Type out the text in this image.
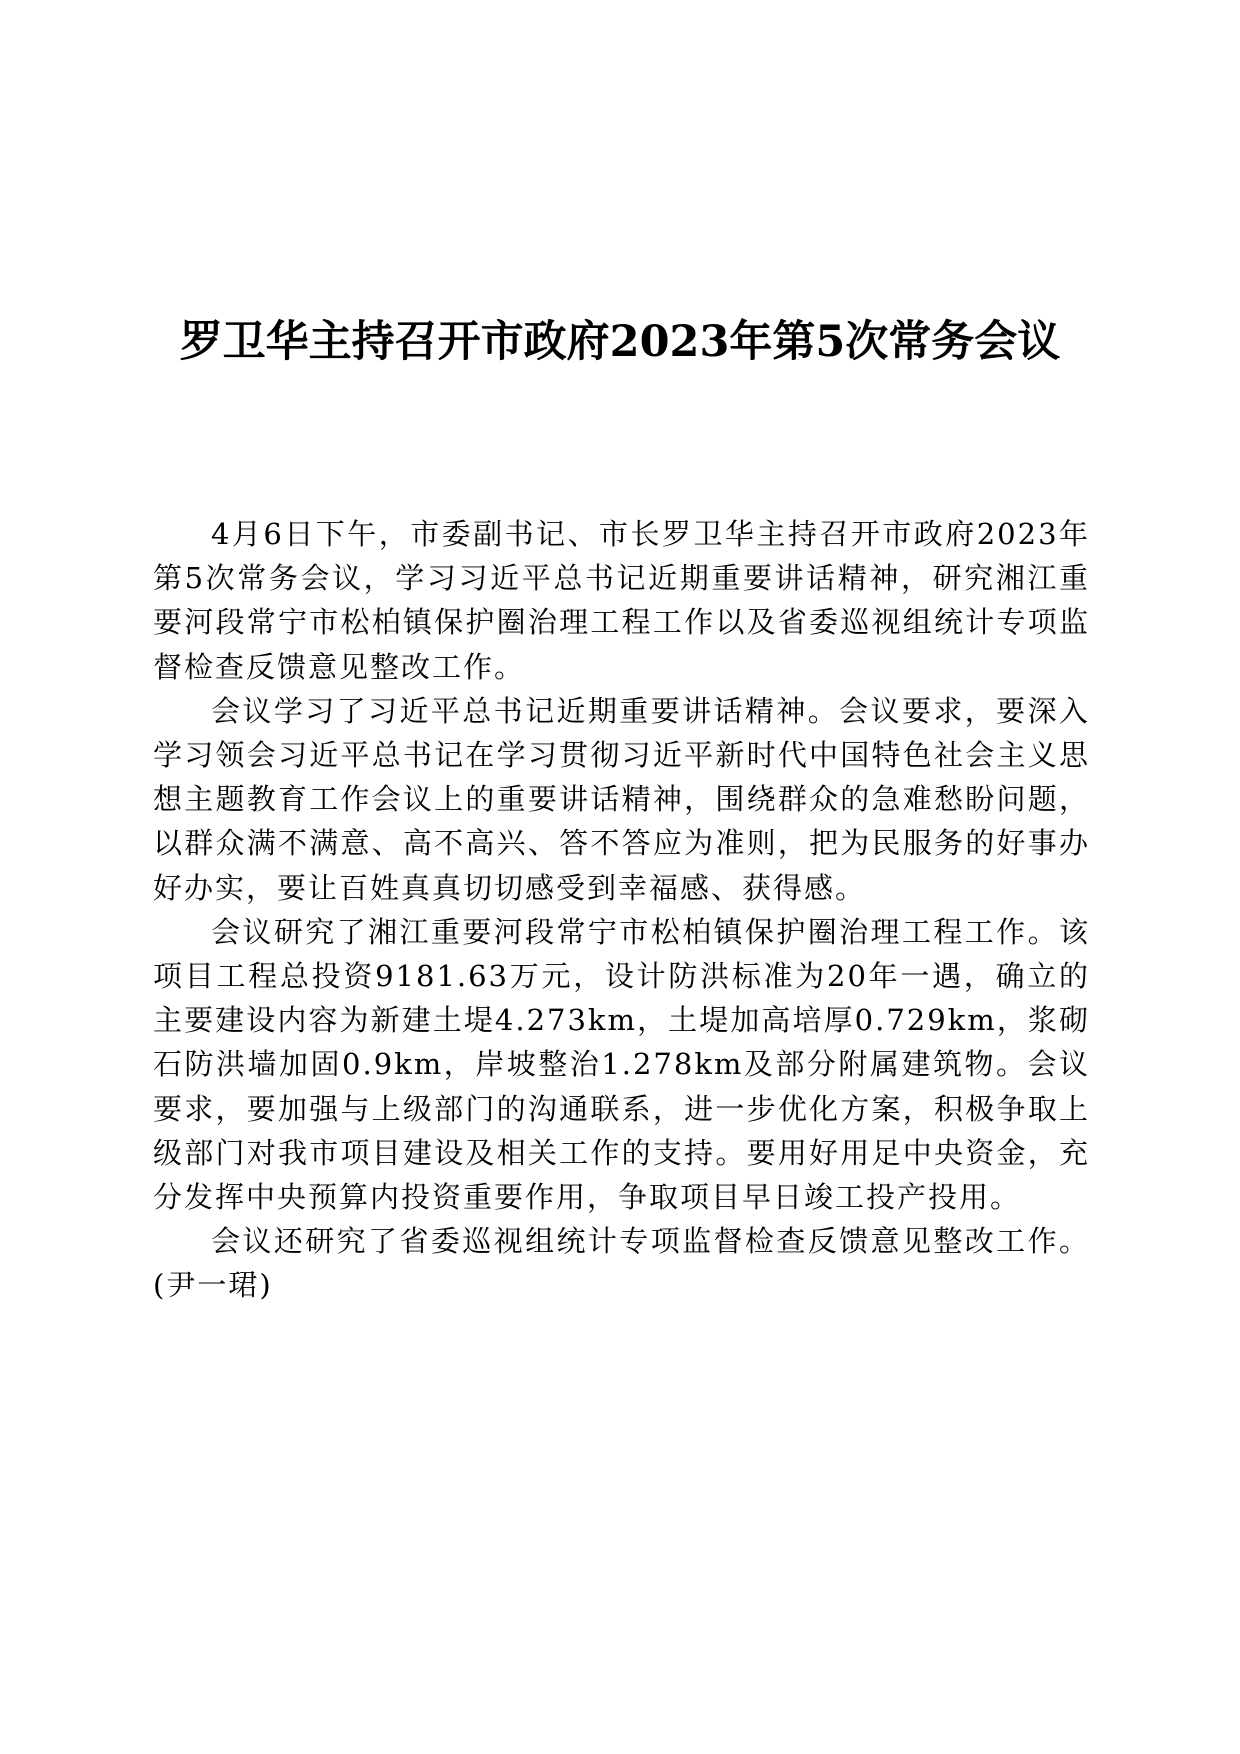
罗卫华主持召开市政府2023年第5次常务会议

4月6日下午，市委副书记、市长罗卫华主持召开市政府2023年第5次常务会议，学习习近平总书记近期重要讲话精神，研究湘江重要河段常宁市松柏镇保护圈治理工程工作以及省委巡视组统计专项监督检查反馈意见整改工作。

会议学习了习近平总书记近期重要讲话精神。会议要求，要深入学习领会习近平总书记在学习贯彻习近平新时代中国特色社会主义思想主题教育工作会议上的重要讲话精神，围绕群众的急难愁盼问题，以群众满不满意、高不高兴、答不答应为准则，把为民服务的好事办好办实，要让百姓真真切切感受到幸福感、获得感。

会议研究了湘江重要河段常宁市松柏镇保护圈治理工程工作。该项目工程总投资9181.63万元，设计防洪标准为20年一遇，确立的主要建设内容为新建土堤4.273km，土堤加高培厚0.729km，浆砌石防洪墙加固0.9km，岸坡整治1.278km及部分附属建筑物。会议要求，要加强与上级部门的沟通联系，进一步优化方案，积极争取上级部门对我市项目建设及相关工作的支持。要用好用足中央资金，充分发挥中央预算内投资重要作用，争取项目早日竣工投产投用。

会议还研究了省委巡视组统计专项监督检查反馈意见整改工作。(尹一珺)
